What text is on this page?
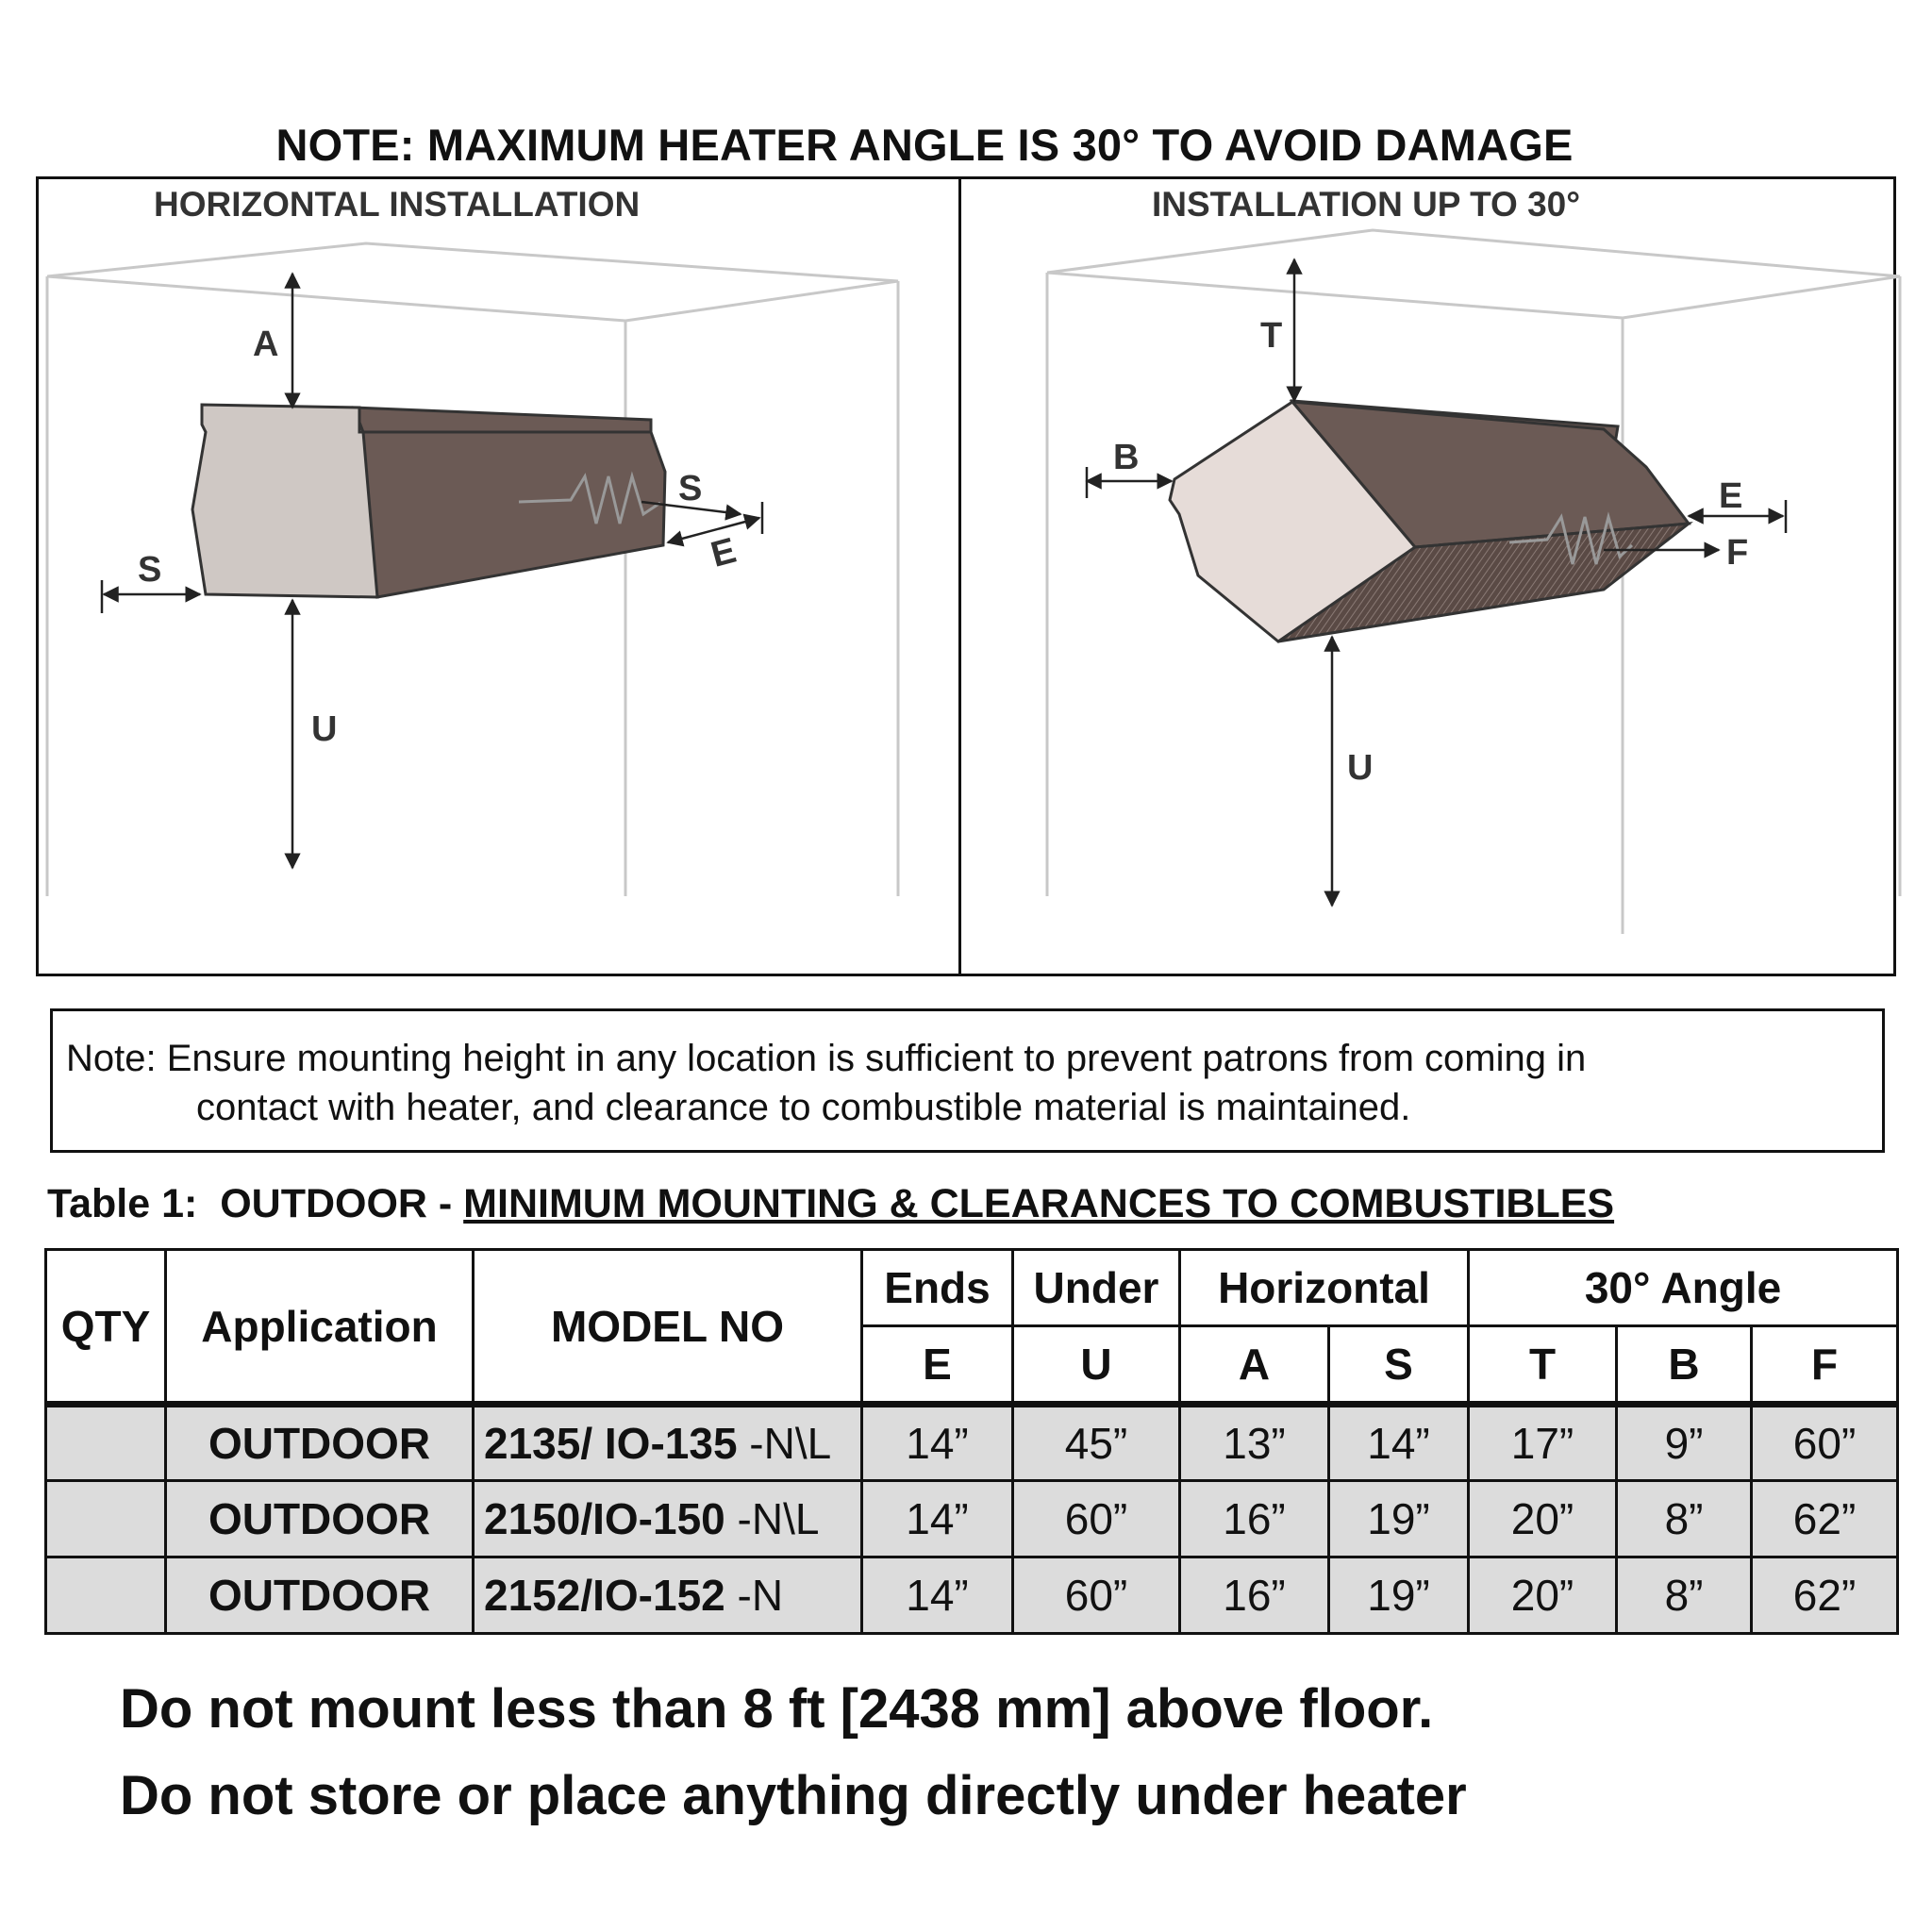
NOTE: MAXIMUM HEATER ANGLE IS 30° TO AVOID DAMAGE
A
S
S
E
U
T
B
E
F
U
HORIZONTAL INSTALLATION	INSTALLATION UP TO 30°
Note: Ensure mounting height in any location is sufficient to prevent patrons from coming in
contact with heater, and clearance to combustible material is maintained.
Table 1:  OUTDOOR - MINIMUM MOUNTING & CLEARANCES TO COMBUSTIBLES
QTY	Application	MODEL NO	Ends	Under	Horizontal		30° Angle		
			E	U	A	S	T	B	F
	OUTDOOR	2135/ IO-135 -N\L	14”	45”	13”	14”	17”	9”	60”
	OUTDOOR	2150/IO-150 -N\L	14”	60”	16”	19”	20”	8”	62”
	OUTDOOR	2152/IO-152 -N	14”	60”	16”	19”	20”	8”	62”
Do not mount less than 8 ft [2438 mm] above floor.
Do not store or place anything directly under heater
